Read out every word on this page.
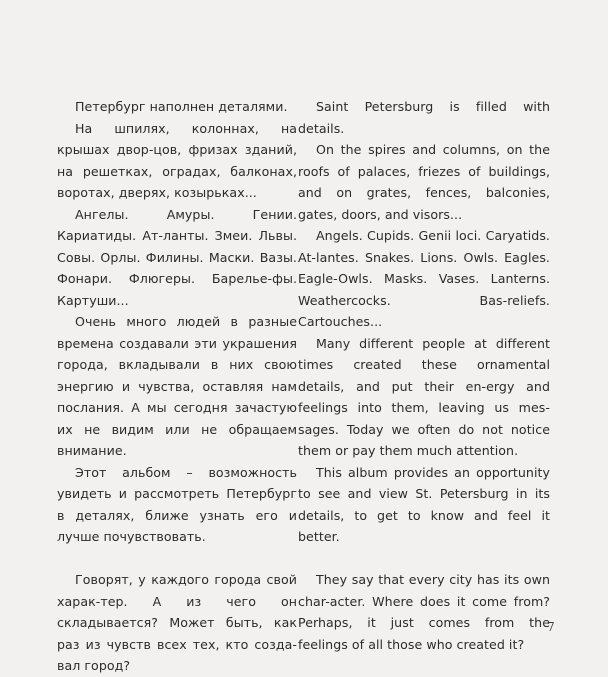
Петербург наполнен деталями.

На шпилях, колоннах, на крышах двор-цов, фризах зданий, на решетках, оградах, балконах, воротах, дверях, козырьках...

Ангелы. Амуры. Гении. Кариатиды. Ат-ланты. Змеи. Львы. Совы. Орлы. Филины. Маски. Вазы. Фонари. Флюгеры. Барелье-фы. Картуши...

Очень много людей в разные времена создавали эти украшения города, вкладывали в них свою энергию и чувства, оставляя нам послания. А мы сегодня зачастую их не видим или не обращаем внимание.

Этот альбом – возможность увидеть и рассмотреть Петербург в деталях, ближе узнать его и лучше почувствовать.

Говорят, у каждого города свой харак-тер. А из чего он складывается? Может быть, как раз из чувств всех тех, кто созда-вал город?

Saint Petersburg is filled with details.

On the spires and columns, on the roofs of palaces, friezes of buildings, and on grates, fences, balconies, gates, doors, and visors...

Angels. Cupids. Genii loci. Caryatids. At-lantes. Snakes. Lions. Owls. Eagles. Eagle-Owls. Masks. Vases. Lanterns. Weathercocks. Bas-reliefs. Cartouches...

Many different people at different times created these ornamental details, and put their en-ergy and feelings into them, leaving us mes-sages. Today we often do not notice them or pay them much attention.

This album provides an opportunity to see and view St. Petersburg in its details, to get to know and feel it better.

They say that every city has its own char-acter. Where does it come from? Perhaps, it just comes from the feelings of all those who created it?

7
